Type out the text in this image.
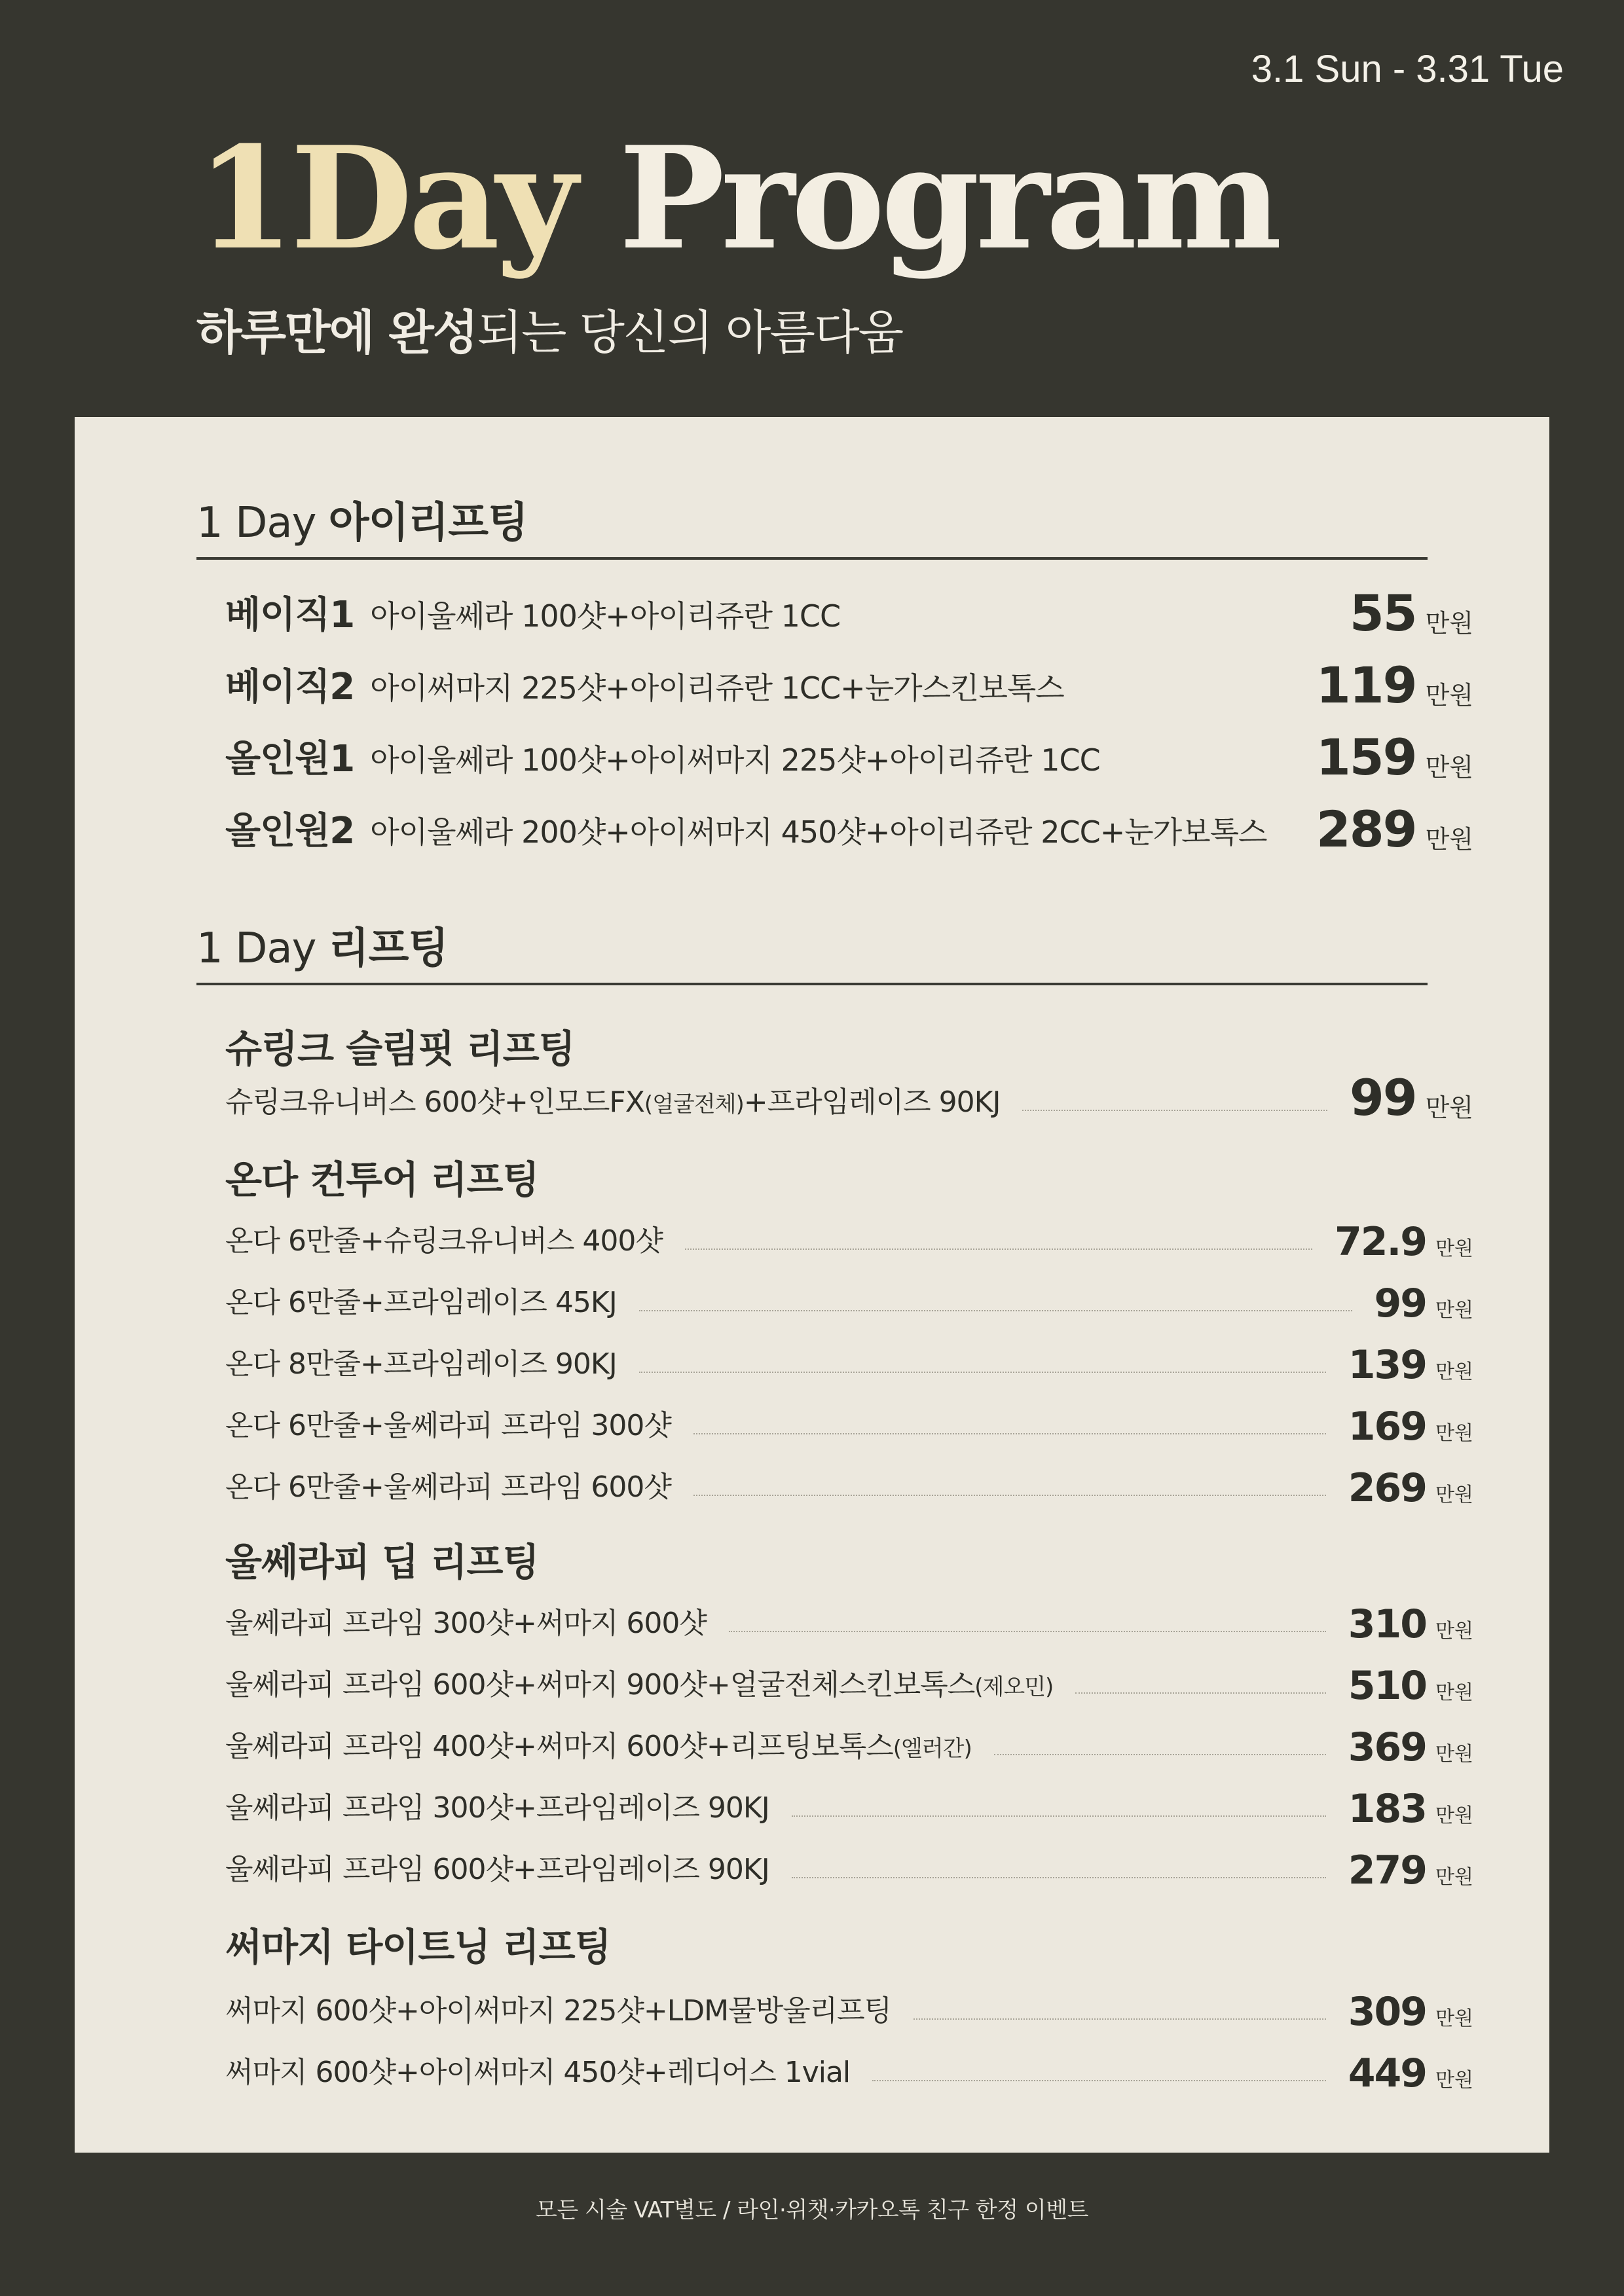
3.1 Sun - 3.31 Tue
1Day Program
하루만에 완성되는 당신의 아름다움
1 Day 아이리프팅
베이직1 아이울쎄라 100샷+아이리쥬란 1CC	55 만원
베이직2 아이써마지 225샷+아이리쥬란 1CC+눈가스킨보톡스	119 만원
올인원1 아이울쎄라 100샷+아이써마지 225샷+아이리쥬란 1CC	159 만원
올인원2 아이울쎄라 200샷+아이써마지 450샷+아이리쥬란 2CC+눈가보톡스 289 만원
1 Day 리프팅
슈링크 슬림핏 리프팅
슈링크유니버스 600샷+인모드FX(얼굴전체)+프라임레이즈 90KJ	99 만원
온다 컨투어 리프팅
온다 6만줄+슈링크유니버스 400샷	72.9 만원
온다 6만줄+프라임레이즈 45KJ	99 만원
온다 8만줄+프라임레이즈 90KJ	139 만원
온다 6만줄+울쎄라피 프라임 300샷	169 만원
온다 6만줄+울쎄라피 프라임 600샷	269 만원
울쎄라피 딥 리프팅
울쎄라피 프라임 300샷+써마지 600샷	310 만원
울쎄라피 프라임 600샷+써마지 900샷+얼굴전체스킨보톡스(제오민)	510 만원
울쎄라피 프라임 400샷+써마지 600샷+리프팅보톡스(엘러간)	369 만원
울쎄라피 프라임 300샷+프라임레이즈 90KJ	183 만원
울쎄라피 프라임 600샷+프라임레이즈 90KJ	279 만원
써마지 타이트닝 리프팅
써마지 600샷+아이써마지 225샷+LDM물방울리프팅	309 만원
써마지 600샷+아이써마지 450샷+레디어스 1vial	449 만원
모든 시술 VAT별도 / 라인·위챗·카카오톡 친구 한정 이벤트
